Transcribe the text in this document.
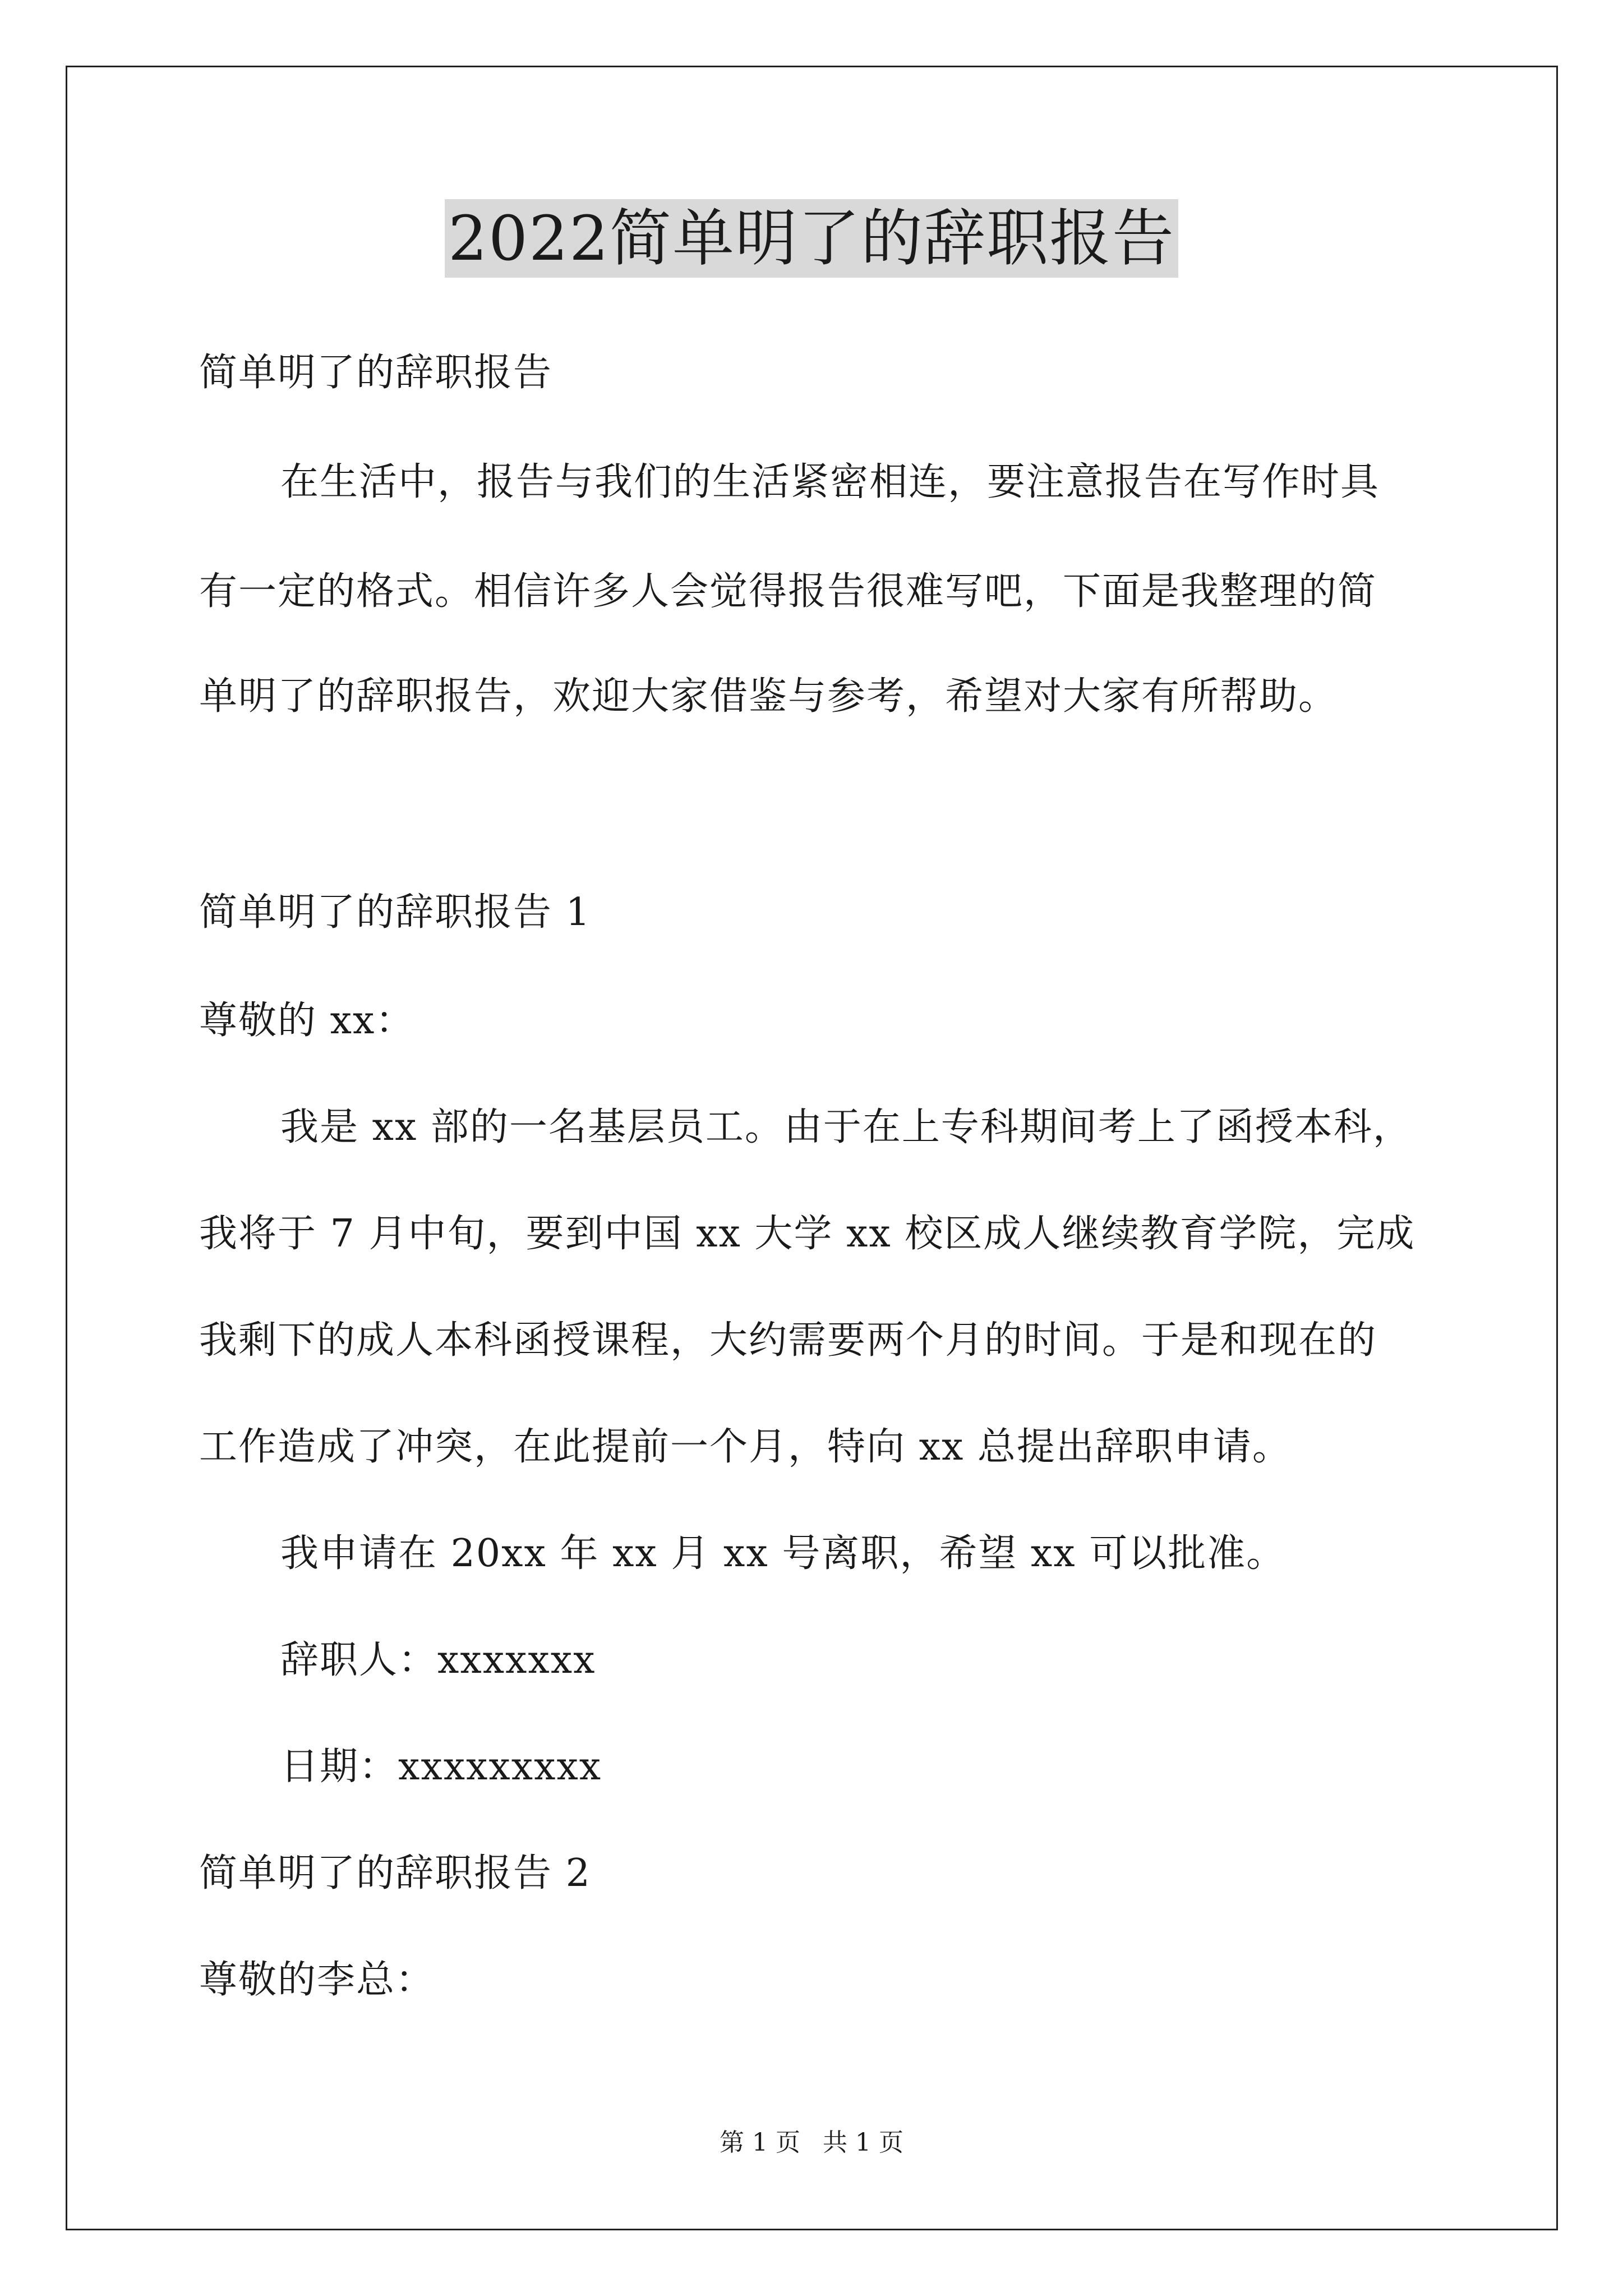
2022简单明了的辞职报告
简单明了的辞职报告
在生活中，报告与我们的生活紧密相连，要注意报告在写作时具
有一定的格式。相信许多人会觉得报告很难写吧，下面是我整理的简
单明了的辞职报告，欢迎大家借鉴与参考，希望对大家有所帮助。
简单明了的辞职报告 1
尊敬的 xx：
我是 xx 部的一名基层员工。由于在上专科期间考上了函授本科，
我将于 7 月中旬，要到中国 xx 大学 xx 校区成人继续教育学院，完成
我剩下的成人本科函授课程，大约需要两个月的时间。于是和现在的
工作造成了冲突，在此提前一个月，特向 xx 总提出辞职申请。
我申请在 20xx 年 xx 月 xx 号离职，希望 xx 可以批准。
辞职人：xxxxxxx
日期：xxxxxxxxx
简单明了的辞职报告 2
尊敬的李总：
第 1 页 共 1 页
